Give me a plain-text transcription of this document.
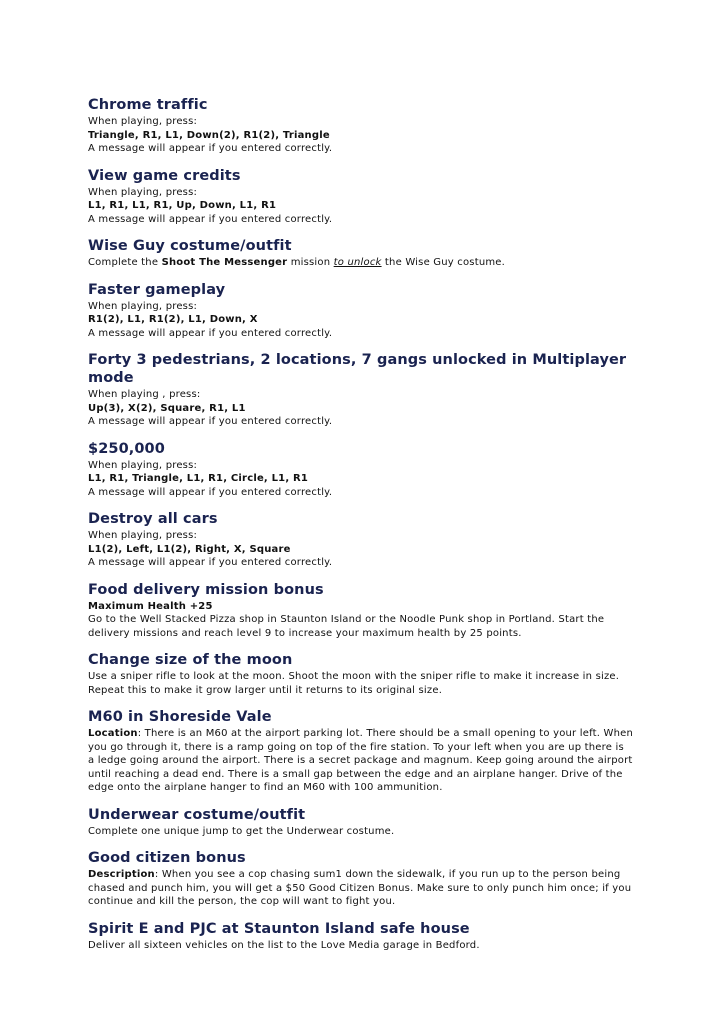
Chrome traffic
When playing, press:
Triangle, R1, L1, Down(2), R1(2), Triangle
A message will appear if you entered correctly.
View game credits
When playing, press:
L1, R1, L1, R1, Up, Down, L1, R1
A message will appear if you entered correctly.
Wise Guy costume/outfit
Complete the Shoot The Messenger mission to unlock the Wise Guy costume.
Faster gameplay
When playing, press:
R1(2), L1, R1(2), L1, Down, X
A message will appear if you entered correctly.
Forty 3 pedestrians, 2 locations, 7 gangs unlocked in Multiplayer mode
When playing , press:
Up(3), X(2), Square, R1, L1
A message will appear if you entered correctly.
$250,000
When playing, press:
L1, R1, Triangle, L1, R1, Circle, L1, R1
A message will appear if you entered correctly.
Destroy all cars
When playing, press:
L1(2), Left, L1(2), Right, X, Square
A message will appear if you entered correctly.
Food delivery mission bonus
Maximum Health +25
Go to the Well Stacked Pizza shop in Staunton Island or the Noodle Punk shop in Portland. Start the
delivery missions and reach level 9 to increase your maximum health by 25 points.
Change size of the moon
Use a sniper rifle to look at the moon. Shoot the moon with the sniper rifle to make it increase in size.
Repeat this to make it grow larger until it returns to its original size.
M60 in Shoreside Vale
Location: There is an M60 at the airport parking lot. There should be a small opening to your left. When
you go through it, there is a ramp going on top of the fire station. To your left when you are up there is
a ledge going around the airport. There is a secret package and magnum. Keep going around the airport
until reaching a dead end. There is a small gap between the edge and an airplane hanger. Drive of the
edge onto the airplane hanger to find an M60 with 100 ammunition.
Underwear costume/outfit
Complete one unique jump to get the Underwear costume.
Good citizen bonus
Description: When you see a cop chasing sum1 down the sidewalk, if you run up to the person being
chased and punch him, you will get a $50 Good Citizen Bonus. Make sure to only punch him once; if you
continue and kill the person, the cop will want to fight you.
Spirit E and PJC at Staunton Island safe house
Deliver all sixteen vehicles on the list to the Love Media garage in Bedford.
